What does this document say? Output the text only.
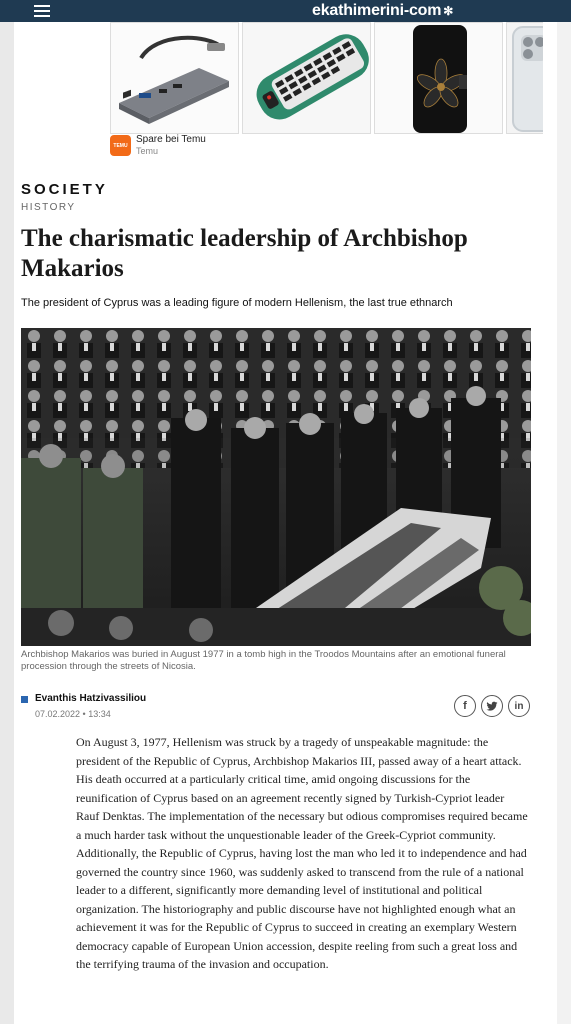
ekathimerini-com ✻
TEMU
Spare bei Temu
Temu
SOCIETY
HISTORY
The charismatic leadership of Archbishop Makarios

The president of Cyprus was a leading figure of modern Hellenism, the last true ethnarch

Archbishop Makarios was buried in August 1977 in a tomb high in the Troodos Mountains after an emotional funeral procession through the streets of Nicosia.

Evanthis Hatzivassiliou
07.02.2022 • 13:34
f	in

On August 3, 1977, Hellenism was struck by a tragedy of unspeakable magnitude: the president of the Republic of Cyprus, Archbishop Makarios III, passed away of a heart attack. His death occurred at a particularly critical time, amid ongoing discussions for the reunification of Cyprus based on an agreement recently signed by Turkish-Cypriot leader Rauf Denktas. The implementation of the necessary but odious compromises required became a much harder task without the unquestionable leader of the Greek-Cypriot community. Additionally, the Republic of Cyprus, having lost the man who led it to independence and had governed the country since 1960, was suddenly asked to transcend from the rule of a national leader to a different, significantly more demanding level of institutional and political organization. The historiography and public discourse have not highlighted enough what an achievement it was for the Republic of Cyprus to succeed in creating an exemplary Western democracy capable of European Union accession, despite reeling from such a great loss and the terrifying trauma of the invasion and occupation.
